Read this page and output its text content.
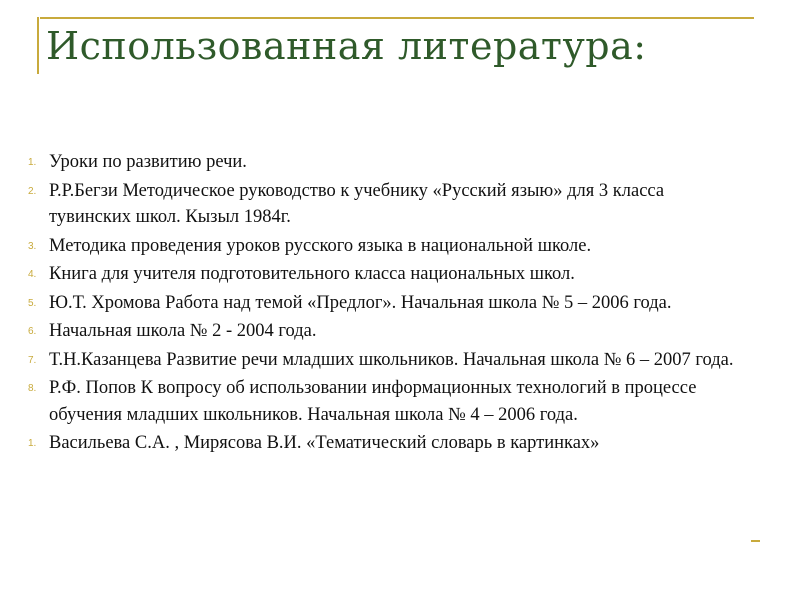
Использованная литература:
1. Уроки по развитию речи.
2. Р.Р.Бегзи Методическое руководство к учебнику «Русский языю» для 3 класса тувинских школ. Кызыл 1984г.
3. Методика проведения уроков русского языка в национальной школе.
4. Книга для учителя подготовительного класса национальных школ.
5. Ю.Т. Хромова Работа над темой «Предлог». Начальная школа № 5 – 2006 года.
6. Начальная школа № 2 - 2004 года.
7. Т.Н.Казанцева Развитие речи младших школьников. Начальная школа № 6 – 2007 года.
8. Р.Ф. Попов К вопросу об использовании информационных технологий в процессе обучения младших школьников. Начальная школа № 4 – 2006 года.
1. Васильева С.А. , Мирясова В.И. «Тематический словарь в картинках»
